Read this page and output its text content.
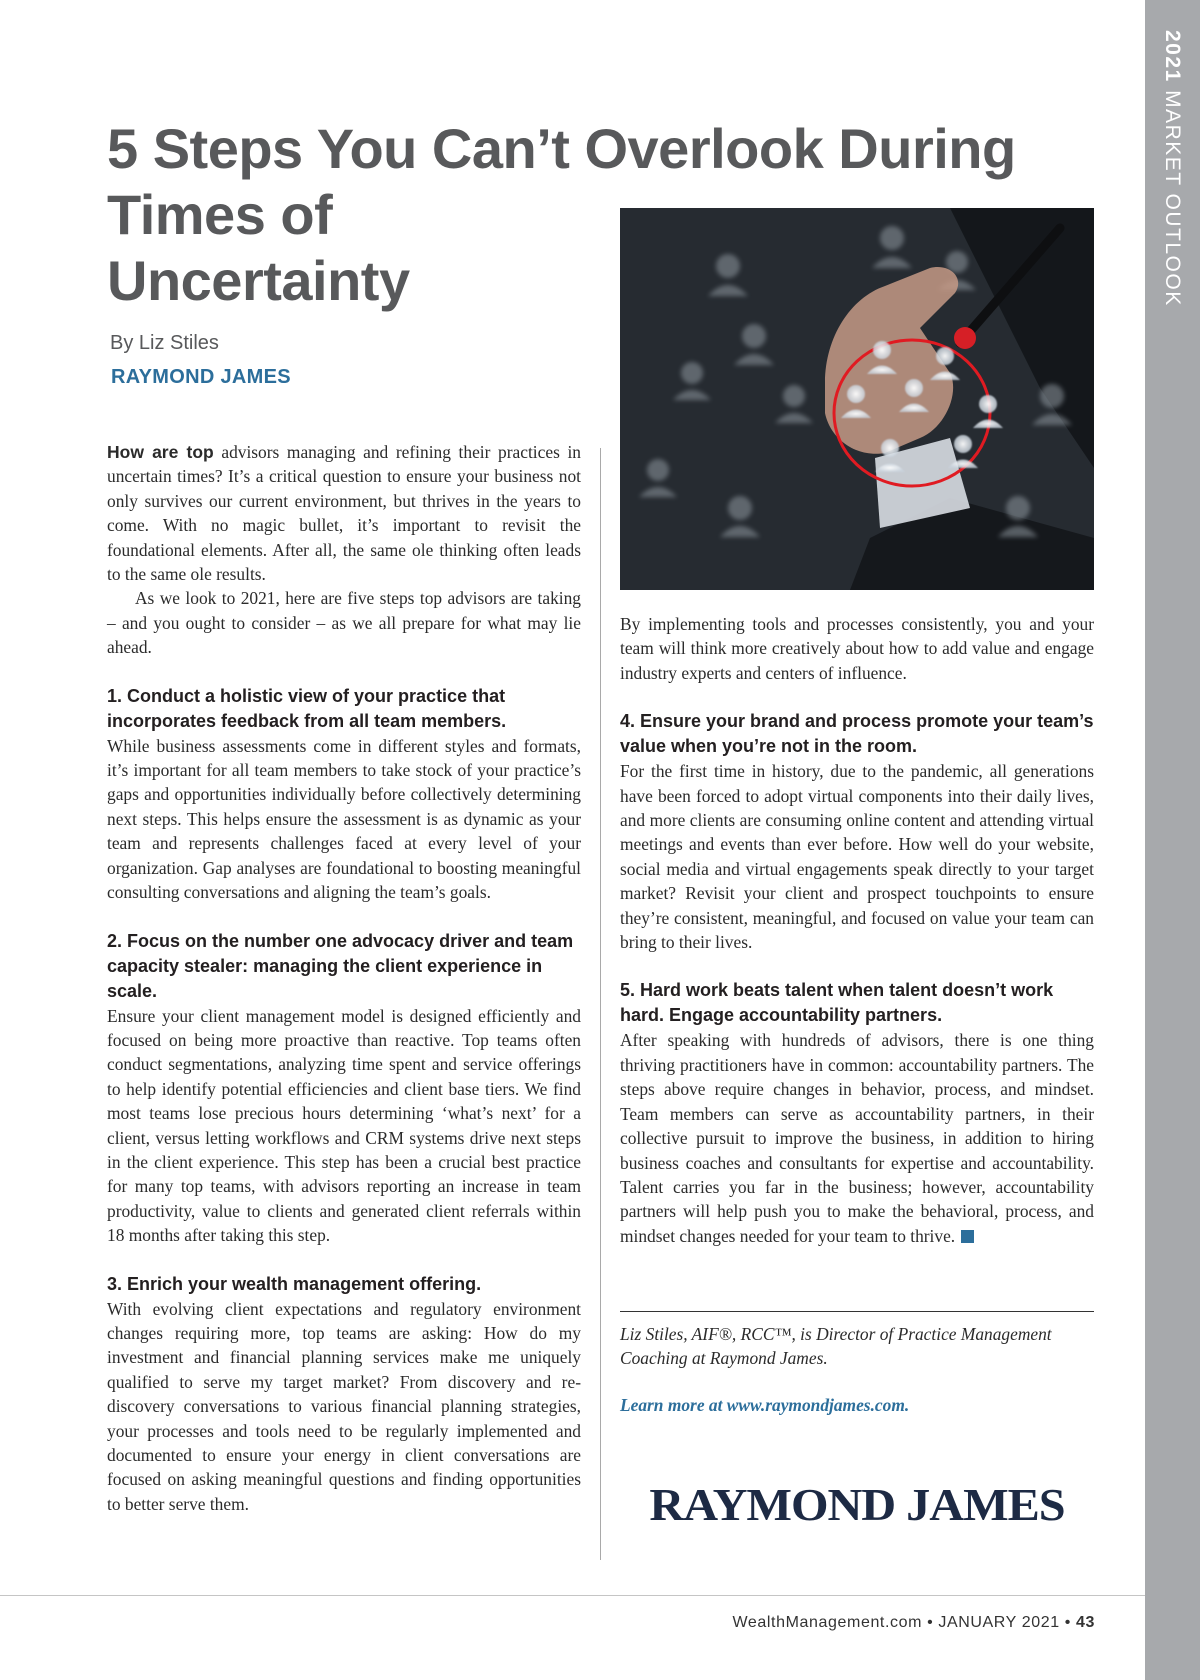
2021 MARKET OUTLOOK
5 Steps You Can’t Overlook During
Times of
Uncertainty
By Liz Stiles
RAYMOND JAMES

How are top advisors managing and refining their practices in uncertain times? It’s a critical question to ensure your business not only survives our current environment, but thrives in the years to come. With no magic bullet, it’s important to revisit the foundational elements. After all, the same ole thinking often leads to the same ole results.

As we look to 2021, here are five steps top advisors are taking – and you ought to consider – as we all prepare for what may lie ahead.

1. Conduct a holistic view of your practice that incorporates feedback from all team members.

While business assessments come in different styles and formats, it’s important for all team members to take stock of your practice’s gaps and opportunities individually before collectively determining next steps. This helps ensure the assessment is as dynamic as your team and represents challenges faced at every level of your organization. Gap analyses are foundational to boosting meaningful consulting conversations and aligning the team’s goals.

2. Focus on the number one advocacy driver and team capacity stealer: managing the client experience in scale.

Ensure your client management model is designed efficiently and focused on being more proactive than reactive. Top teams often conduct segmentations, analyzing time spent and service offerings to help identify potential efficiencies and client base tiers. We find most teams lose precious hours determining ‘what’s next’ for a client, versus letting workflows and CRM systems drive next steps in the client experience. This step has been a crucial best practice for many top teams, with advisors reporting an increase in team productivity, value to clients and generated client referrals within 18 months after taking this step.

3. Enrich your wealth management offering.

With evolving client expectations and regulatory environment changes requiring more, top teams are asking: How do my investment and financial planning services make me uniquely qualified to serve my target market? From discovery and re-discovery conversations to various financial planning strategies, your processes and tools need to be regularly implemented and documented to ensure your energy in client conversations are focused on asking meaningful questions and finding opportunities to better serve them.

By implementing tools and processes consistently, you and your team will think more creatively about how to add value and engage industry experts and centers of influence.

4. Ensure your brand and process promote your team’s value when you’re not in the room.

For the first time in history, due to the pandemic, all generations have been forced to adopt virtual components into their daily lives, and more clients are consuming online content and attending virtual meetings and events than ever before. How well do your website, social media and virtual engagements speak directly to your target market? Revisit your client and prospect touchpoints to ensure they’re consistent, meaningful, and focused on value your team can bring to their lives.

5. Hard work beats talent when talent doesn’t work hard. Engage accountability partners.

After speaking with hundreds of advisors, there is one thing thriving practitioners have in common: accountability partners. The steps above require changes in behavior, process, and mindset. Team members can serve as accountability partners, in their collective pursuit to improve the business, in addition to hiring business coaches and consultants for expertise and accountability. Talent carries you far in the business; however, accountability partners will help push you to make the behavioral, process, and mindset changes needed for your team to thrive.

Liz Stiles, AIF®, RCC™, is Director of Practice Management Coaching at Raymond James.
Learn more at www.raymondjames.com.
RAYMOND JAMES
WealthManagement.com • JANUARY 2021 • 43
